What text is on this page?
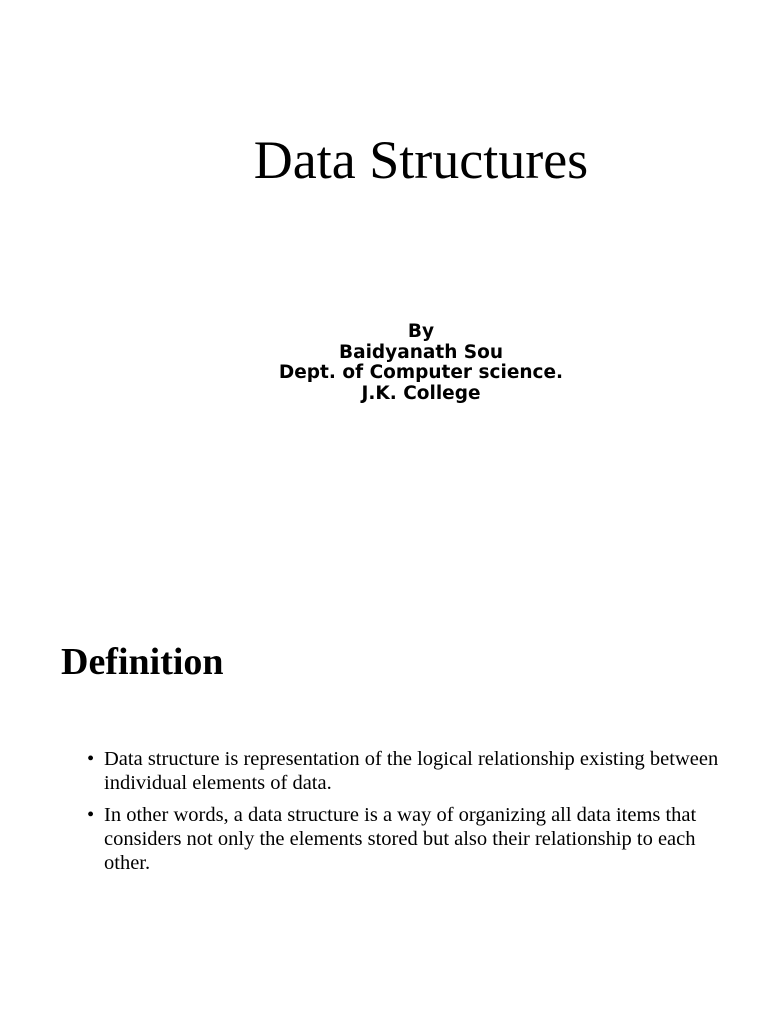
Data Structures
By
Baidyanath Sou
Dept. of Computer science.
J.K. College
Definition
• Data structure is representation of the logical relationship existing between individual elements of data.
• In other words, a data structure is a way of organizing all data items that considers not only the elements stored but also their relationship to each other.
